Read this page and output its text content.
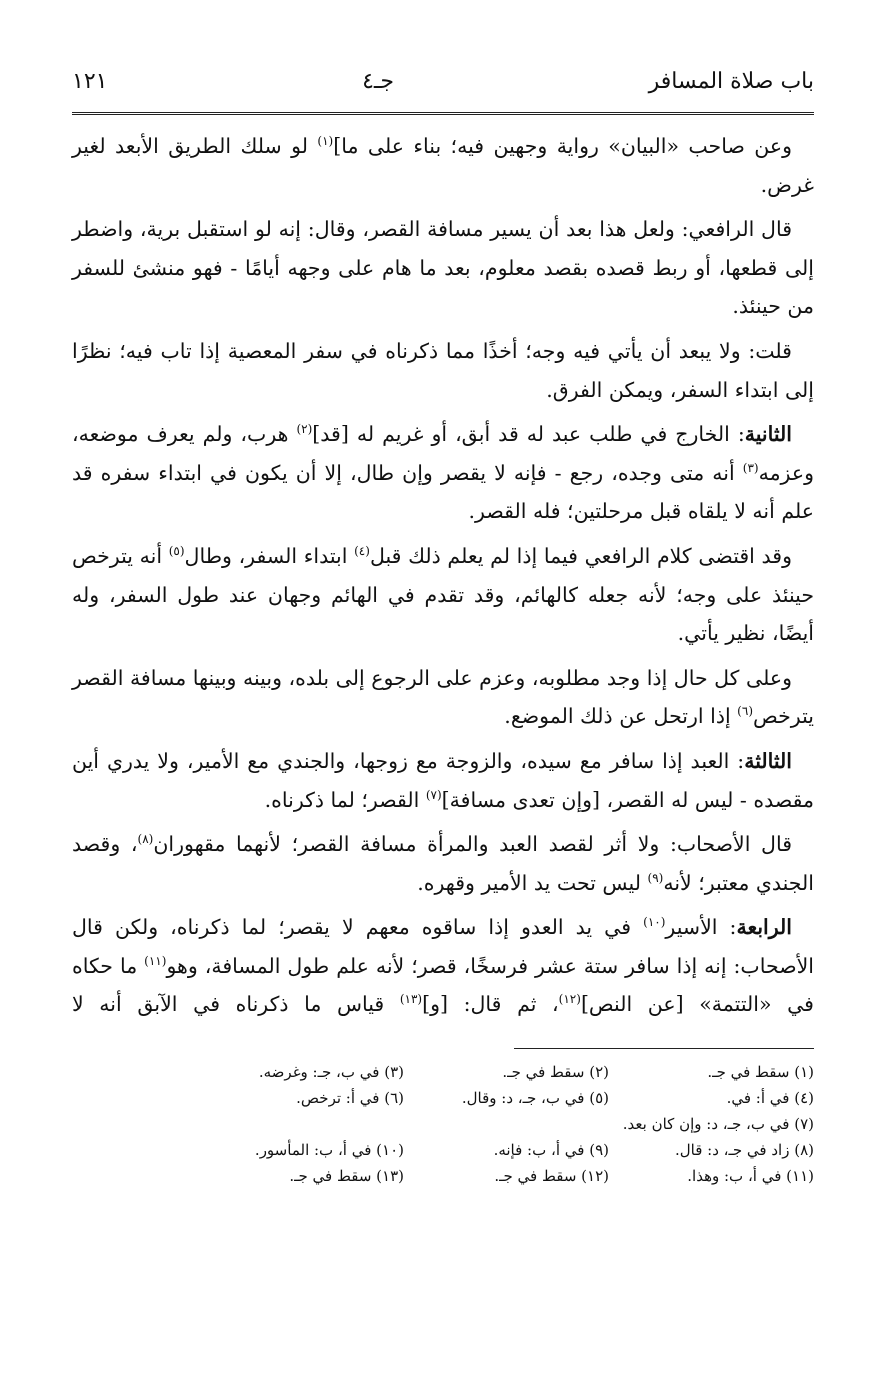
باب صلاة المسافر
جـ٤
١٢١

وعن صاحب «البيان» رواية وجهين فيه؛ بناء على ما]$^{(١)}$ لو سلك الطريق الأبعد لغير غرض.

قال الرافعي: ولعل هذا بعد أن يسير مسافة القصر، وقال: إنه لو استقبل برية، واضطر إلى قطعها، أو ربط قصده بقصد معلوم، بعد ما هام على وجهه أيامًا - فهو منشئ للسفر من حينئذ.

قلت: ولا يبعد أن يأتي فيه وجه؛ أخذًا مما ذكرناه في سفر المعصية إذا تاب فيه؛ نظرًا إلى ابتداء السفر، ويمكن الفرق.

الثانية: الخارج في طلب عبد له قد أبق، أو غريم له [قد]$^{(٢)}$ هرب، ولم يعرف موضعه، وعزمه$^{(٣)}$ أنه متى وجده، رجع - فإنه لا يقصر وإن طال، إلا أن يكون في ابتداء سفره قد علم أنه لا يلقاه قبل مرحلتين؛ فله القصر.

وقد اقتضى كلام الرافعي فيما إذا لم يعلم ذلك قبل$^{(٤)}$ ابتداء السفر، وطال$^{(٥)}$ أنه يترخص حينئذ على وجه؛ لأنه جعله كالهائم، وقد تقدم في الهائم وجهان عند طول السفر، وله أيضًا، نظير يأتي.

وعلى كل حال إذا وجد مطلوبه، وعزم على الرجوع إلى بلده، وبينه وبينها مسافة القصر يترخص$^{(٦)}$ إذا ارتحل عن ذلك الموضع.

الثالثة: العبد إذا سافر مع سيده، والزوجة مع زوجها، والجندي مع الأمير، ولا يدري أين مقصده - ليس له القصر، [وإن تعدى مسافة]$^{(٧)}$ القصر؛ لما ذكرناه.

قال الأصحاب: ولا أثر لقصد العبد والمرأة مسافة القصر؛ لأنهما مقهوران$^{(٨)}$، وقصد الجندي معتبر؛ لأنه$^{(٩)}$ ليس تحت يد الأمير وقهره.

الرابعة: الأسير$^{(١٠)}$ في يد العدو إذا ساقوه معهم لا يقصر؛ لما ذكرناه، ولكن قال الأصحاب: إنه إذا سافر ستة عشر فرسخًا، قصر؛ لأنه علم طول المسافة، وهو$^{(١١)}$ ما حكاه في «التتمة» [عن النص]$^{(١٢)}$، ثم قال: [و]$^{(١٣)}$ قياس ما ذكرناه في الآبق أنه لا

(١) سقط في جـ.
(٢) سقط في جـ.
(٣) في ب، جـ: وغرضه.
(٤) في أ: في.
(٥) في ب، جـ، د: وقال.
(٦) في أ: ترخص.
(٧) في ب، جـ، د: وإن كان بعد.
(٨) زاد في جـ، د: قال.
(٩) في أ، ب: فإنه.
(١٠) في أ، ب: المأسور.
(١١) في أ، ب: وهذا.
(١٢) سقط في جـ.
(١٣) سقط في جـ.
